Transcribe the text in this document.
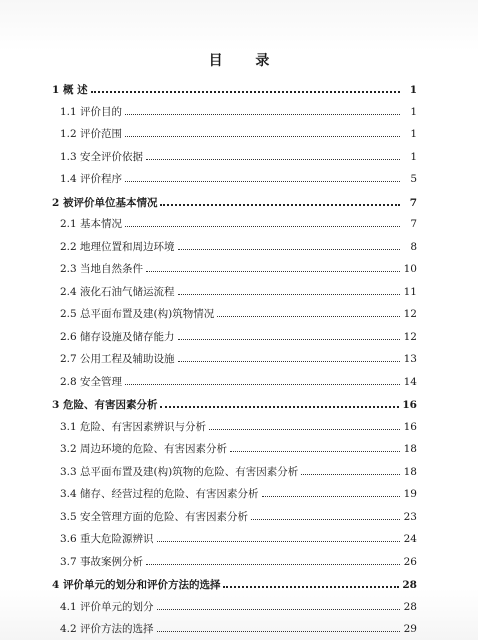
目 录
1 概 述	1
1.1 评价目的	1
1.2 评价范围	1
1.3 安全评价依据	1
1.4 评价程序	5
2 被评价单位基本情况	7
2.1 基本情况	7
2.2 地理位置和周边环境	8
2.3 当地自然条件	10
2.4 液化石油气储运流程	11
2.5 总平面布置及建(构)筑物情况	12
2.6 储存设施及储存能力	12
2.7 公用工程及辅助设施	13
2.8 安全管理	14
3 危险、有害因素分析	16
3.1 危险、有害因素辨识与分析	16
3.2 周边环境的危险、有害因素分析	18
3.3 总平面布置及建(构)筑物的危险、有害因素分析	18
3.4 储存、经营过程的危险、有害因素分析	19
3.5 安全管理方面的危险、有害因素分析	23
3.6 重大危险源辨识	24
3.7 事故案例分析	26
4 评价单元的划分和评价方法的选择	28
4.1 评价单元的划分	28
4.2 评价方法的选择	29
